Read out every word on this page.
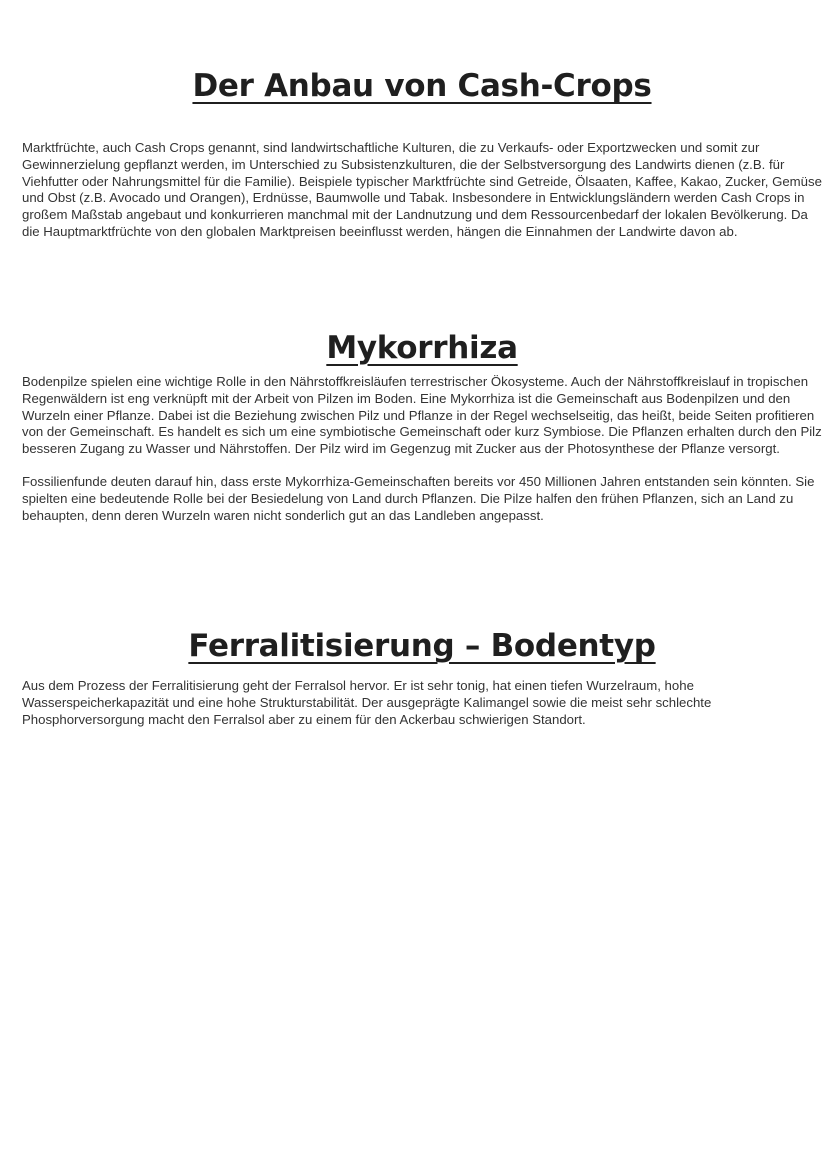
Der Anbau von Cash-Crops

Marktfrüchte, auch Cash Crops genannt, sind landwirtschaftliche Kulturen, die zu Verkaufs- oder Exportzwecken und somit zur Gewinnerzielung gepflanzt werden, im Unterschied zu Subsistenzkulturen, die der Selbstversorgung des Landwirts dienen (z.B. für Viehfutter oder Nahrungsmittel für die Familie). Beispiele typischer Marktfrüchte sind Getreide, Ölsaaten, Kaffee, Kakao, Zucker, Gemüse und Obst (z.B. Avocado und Orangen), Erdnüsse, Baumwolle und Tabak. Insbesondere in Entwicklungsländern werden Cash Crops in großem Maßstab angebaut und konkurrieren manchmal mit der Landnutzung und dem Ressourcenbedarf der lokalen Bevölkerung. Da die Hauptmarktfrüchte von den globalen Marktpreisen beeinflusst werden, hängen die Einnahmen der Landwirte davon ab.

Mykorrhiza

Bodenpilze spielen eine wichtige Rolle in den Nährstoffkreisläufen terrestrischer Ökosysteme. Auch der Nährstoffkreislauf in tropischen Regenwäldern ist eng verknüpft mit der Arbeit von Pilzen im Boden. Eine Mykorrhiza ist die Gemeinschaft aus Bodenpilzen und den Wurzeln einer Pflanze. Dabei ist die Beziehung zwischen Pilz und Pflanze in der Regel wechselseitig, das heißt, beide Seiten profitieren von der Gemeinschaft. Es handelt es sich um eine symbiotische Gemeinschaft oder kurz Symbiose. Die Pflanzen erhalten durch den Pilz besseren Zugang zu Wasser und Nährstoffen. Der Pilz wird im Gegenzug mit Zucker aus der Photosynthese der Pflanze versorgt.

Fossilienfunde deuten darauf hin, dass erste Mykorrhiza-Gemeinschaften bereits vor 450 Millionen Jahren entstanden sein könnten. Sie spielten eine bedeutende Rolle bei der Besiedelung von Land durch Pflanzen. Die Pilze halfen den frühen Pflanzen, sich an Land zu behaupten, denn deren Wurzeln waren nicht sonderlich gut an das Landleben angepasst.

Ferralitisierung – Bodentyp

Aus dem Prozess der Ferralitisierung geht der Ferralsol hervor. Er ist sehr tonig, hat einen tiefen Wurzelraum, hohe Wasserspeicherkapazität und eine hohe Strukturstabilität. Der ausgeprägte Kalimangel sowie die meist sehr schlechte Phosphorversorgung macht den Ferralsol aber zu einem für den Ackerbau schwierigen Standort.
